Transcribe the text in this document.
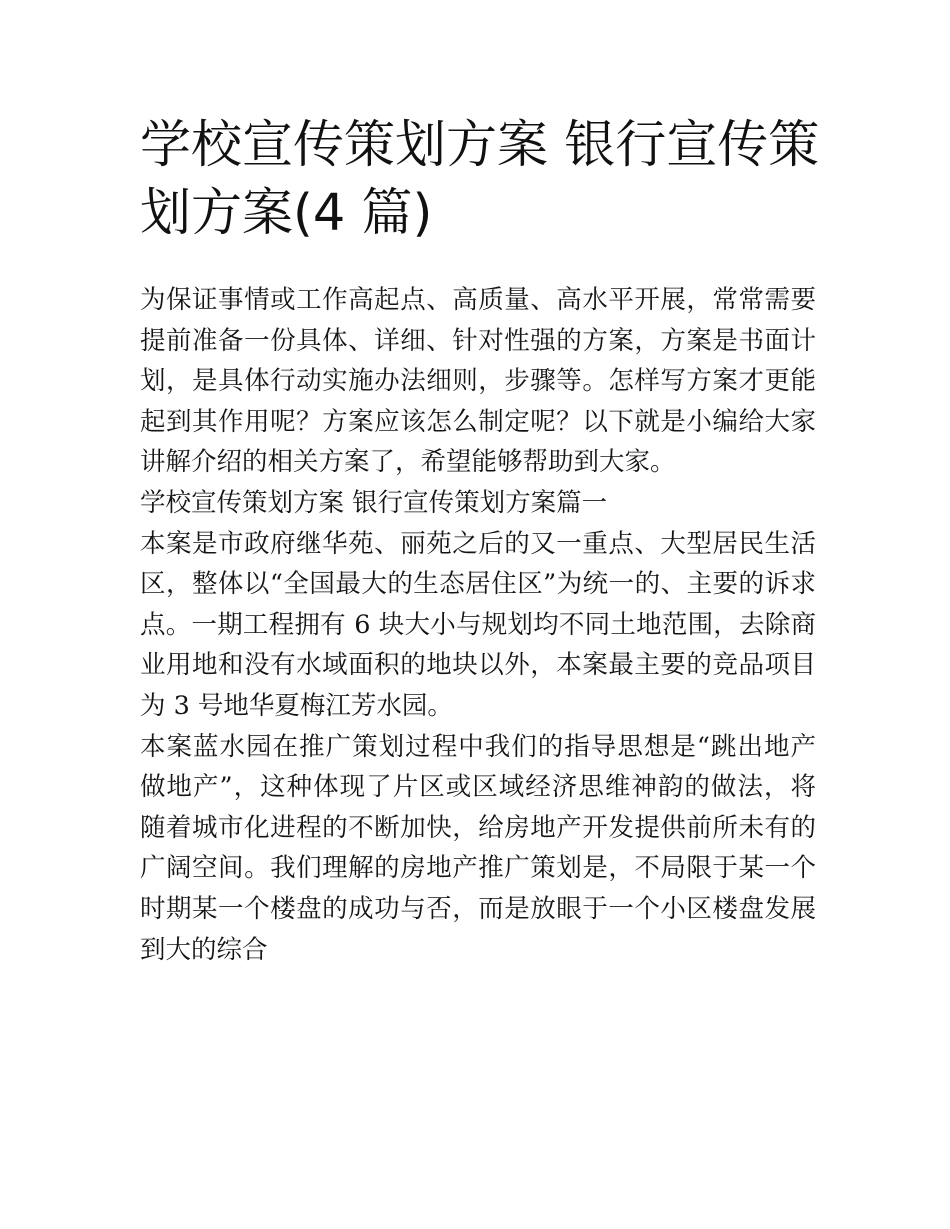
学校宣传策划方案 银行宣传策划方案(4 篇)

为保证事情或工作高起点、高质量、高水平开展，常常需要提前准备一份具体、详细、针对性强的方案，方案是书面计划，是具体行动实施办法细则，步骤等。怎样写方案才更能起到其作用呢？方案应该怎么制定呢？以下就是小编给大家讲解介绍的相关方案了，希望能够帮助到大家。

学校宣传策划方案 银行宣传策划方案篇一

本案是市政府继华苑、丽苑之后的又一重点、大型居民生活区，整体以“全国最大的生态居住区”为统一的、主要的诉求点。一期工程拥有 6 块大小与规划均不同土地范围，去除商业用地和没有水域面积的地块以外，本案最主要的竞品项目为 3 号地华夏梅江芳水园。

本案蓝水园在推广策划过程中我们的指导思想是“跳出地产做地产”，这种体现了片区或区域经济思维神韵的做法，将随着城市化进程的不断加快，给房地产开发提供前所未有的广阔空间。我们理解的房地产推广策划是，不局限于某一个时期某一个楼盘的成功与否，而是放眼于一个小区楼盘发展到大的综合
